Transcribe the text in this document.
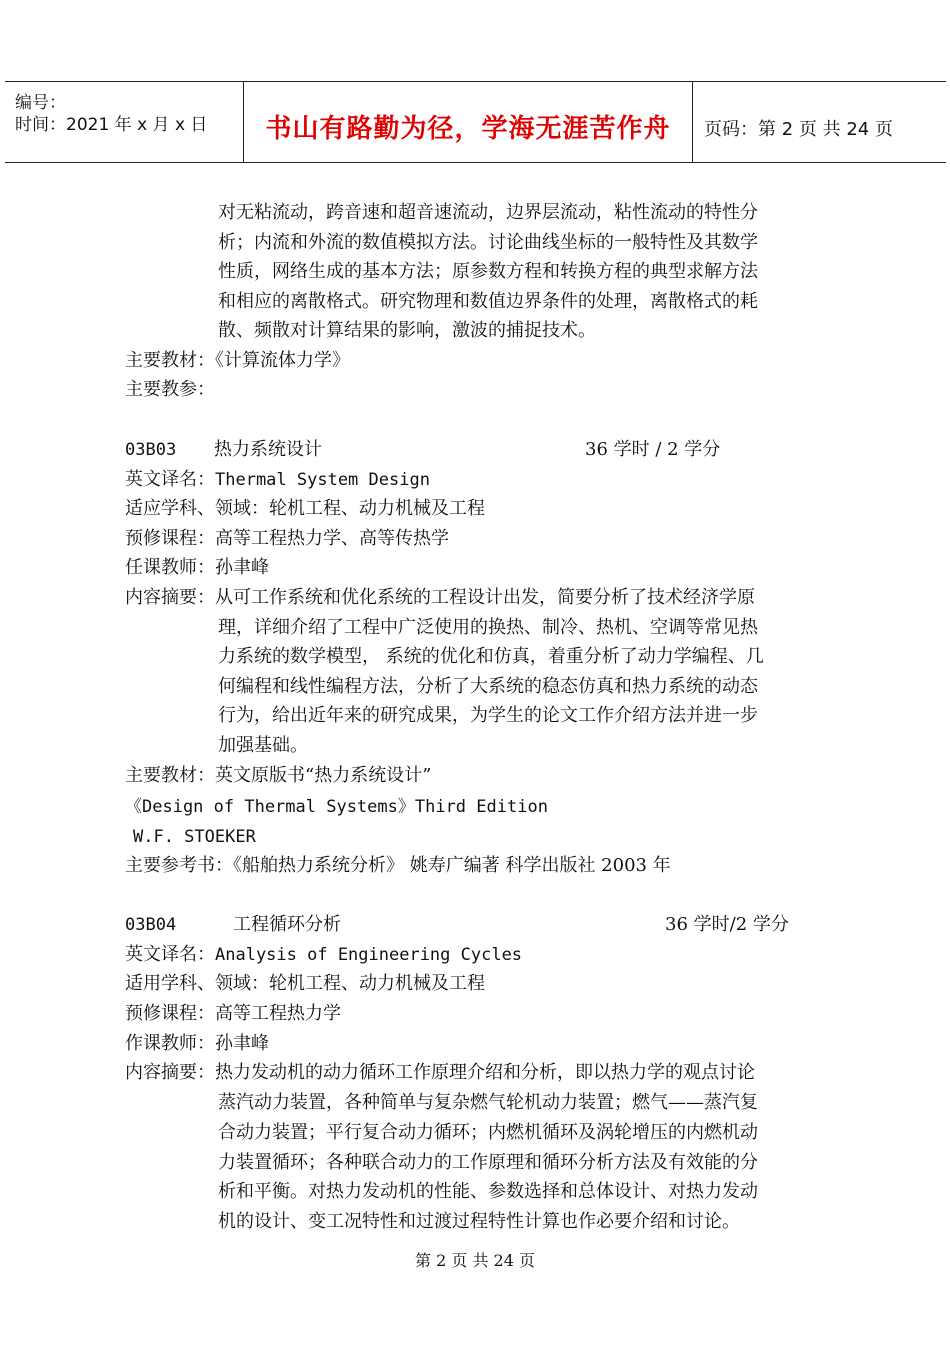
编号：
时间：2021 年 x 月 x 日	书山有路勤为径，学海无涯苦作舟	页码：第 2 页 共 24 页
对无粘流动，跨音速和超音速流动，边界层流动，粘性流动的特性分
析；内流和外流的数值模拟方法。讨论曲线坐标的一般特性及其数学
性质，网络生成的基本方法；原参数方程和转换方程的典型求解方法
和相应的离散格式。研究物理和数值边界条件的处理，离散格式的耗
散、频散对计算结果的影响，激波的捕捉技术。
主要教材：《计算流体力学》
主要教参：
03B03 热力系统设计	36 学时 / 2 学分
英文译名：Thermal System Design
适应学科、领域：轮机工程、动力机械及工程
预修课程：高等工程热力学、高等传热学
任课教师：孙聿峰
内容摘要：从可工作系统和优化系统的工程设计出发，简要分析了技术经济学原
理，详细介绍了工程中广泛使用的换热、制冷、热机、空调等常见热
力系统的数学模型， 系统的优化和仿真，着重分析了动力学编程、几
何编程和线性编程方法，分析了大系统的稳态仿真和热力系统的动态
行为，给出近年来的研究成果，为学生的论文工作介绍方法并进一步
加强基础。
主要教材：英文原版书“热力系统设计”
《Design of Thermal Systems》Third Edition
W.F. STOEKER
主要参考书：《船舶热力系统分析》 姚寿广编著 科学出版社 2003 年
03B04	工程循环分析	36 学时/2 学分
英文译名：Analysis of Engineering Cycles
适用学科、领域：轮机工程、动力机械及工程
预修课程：高等工程热力学
作课教师：孙聿峰
内容摘要：热力发动机的动力循环工作原理介绍和分析，即以热力学的观点讨论
蒸汽动力装置，各种简单与复杂燃气轮机动力装置；燃气——蒸汽复
合动力装置；平行复合动力循环；内燃机循环及涡轮增压的内燃机动
力装置循环；各种联合动力的工作原理和循环分析方法及有效能的分
析和平衡。对热力发动机的性能、参数选择和总体设计、对热力发动
机的设计、变工况特性和过渡过程特性计算也作必要介绍和讨论。
第 2 页 共 24 页
